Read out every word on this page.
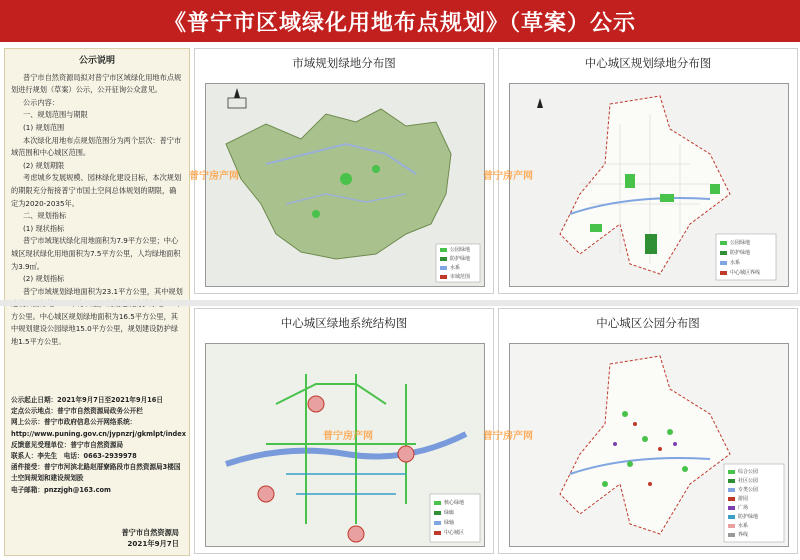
《普宁市区域绿化用地布点规划》（草案）公示
公示说明

普宁市自然资源局拟对普宁市区域绿化用地布点规划进行规划（草案）公示，公开征询公众意见。

公示内容：

一、规划范围与期限

(1) 规划范围

本次绿化用地布点规划范围分为两个层次：普宁市域范围和中心城区范围。

(2) 规划期限

考虑城乡发展规模、园林绿化建设目标，本次规划的期限充分衔接普宁市国土空间总体规划的期限，确定为2020-2035年。

二、规划指标

(1) 现状指标

普宁市域现状绿化用地面积为7.9平方公里；中心城区现状绿化用地面积为7.5平方公里，人均绿地面积为3.9㎡。

(2) 规划指标

普宁市域规划绿地面积为23.1平方公里，其中规划 方公里。中心城区规划绿地面积为16.5平方公里，其中规划建设公园绿地15.0平方公里，规划建设防护绿地1.5平方公里。

公示起止日期：2021年9月7日至2021年9月16日
定点公示地点：普宁市自然资源局政务公开栏
网上公示：普宁市政府信息公开网络系统：
http://www.puning.gov.cn/jypnzrj/gkmlpt/index
反馈意见受理单位：普宁市自然资源局
联系人：李先生　电话：0663-2939978
函件接受：普宁市河滨北路赵厝寮路段市自然资源局3楼国土空间规划和建设规划股
电子邮箱：pnzzjgh@163.com
普宁市自然资源局
2021年9月7日
市域规划绿地分布图
公园绿地
防护绿地
水系
市域范围
普宁房产网
中心城区规划绿地分布图
公园绿地
防护绿地
水系
中心城区界线
普宁房产网
中心城区绿地系统结构图
核心绿地
绿廊
绿轴
中心城区
普宁房产网
中心城区公园分布图
综合公园
社区公园
专类公园
游园
广场
防护绿地
水系
界线
普宁房产网
